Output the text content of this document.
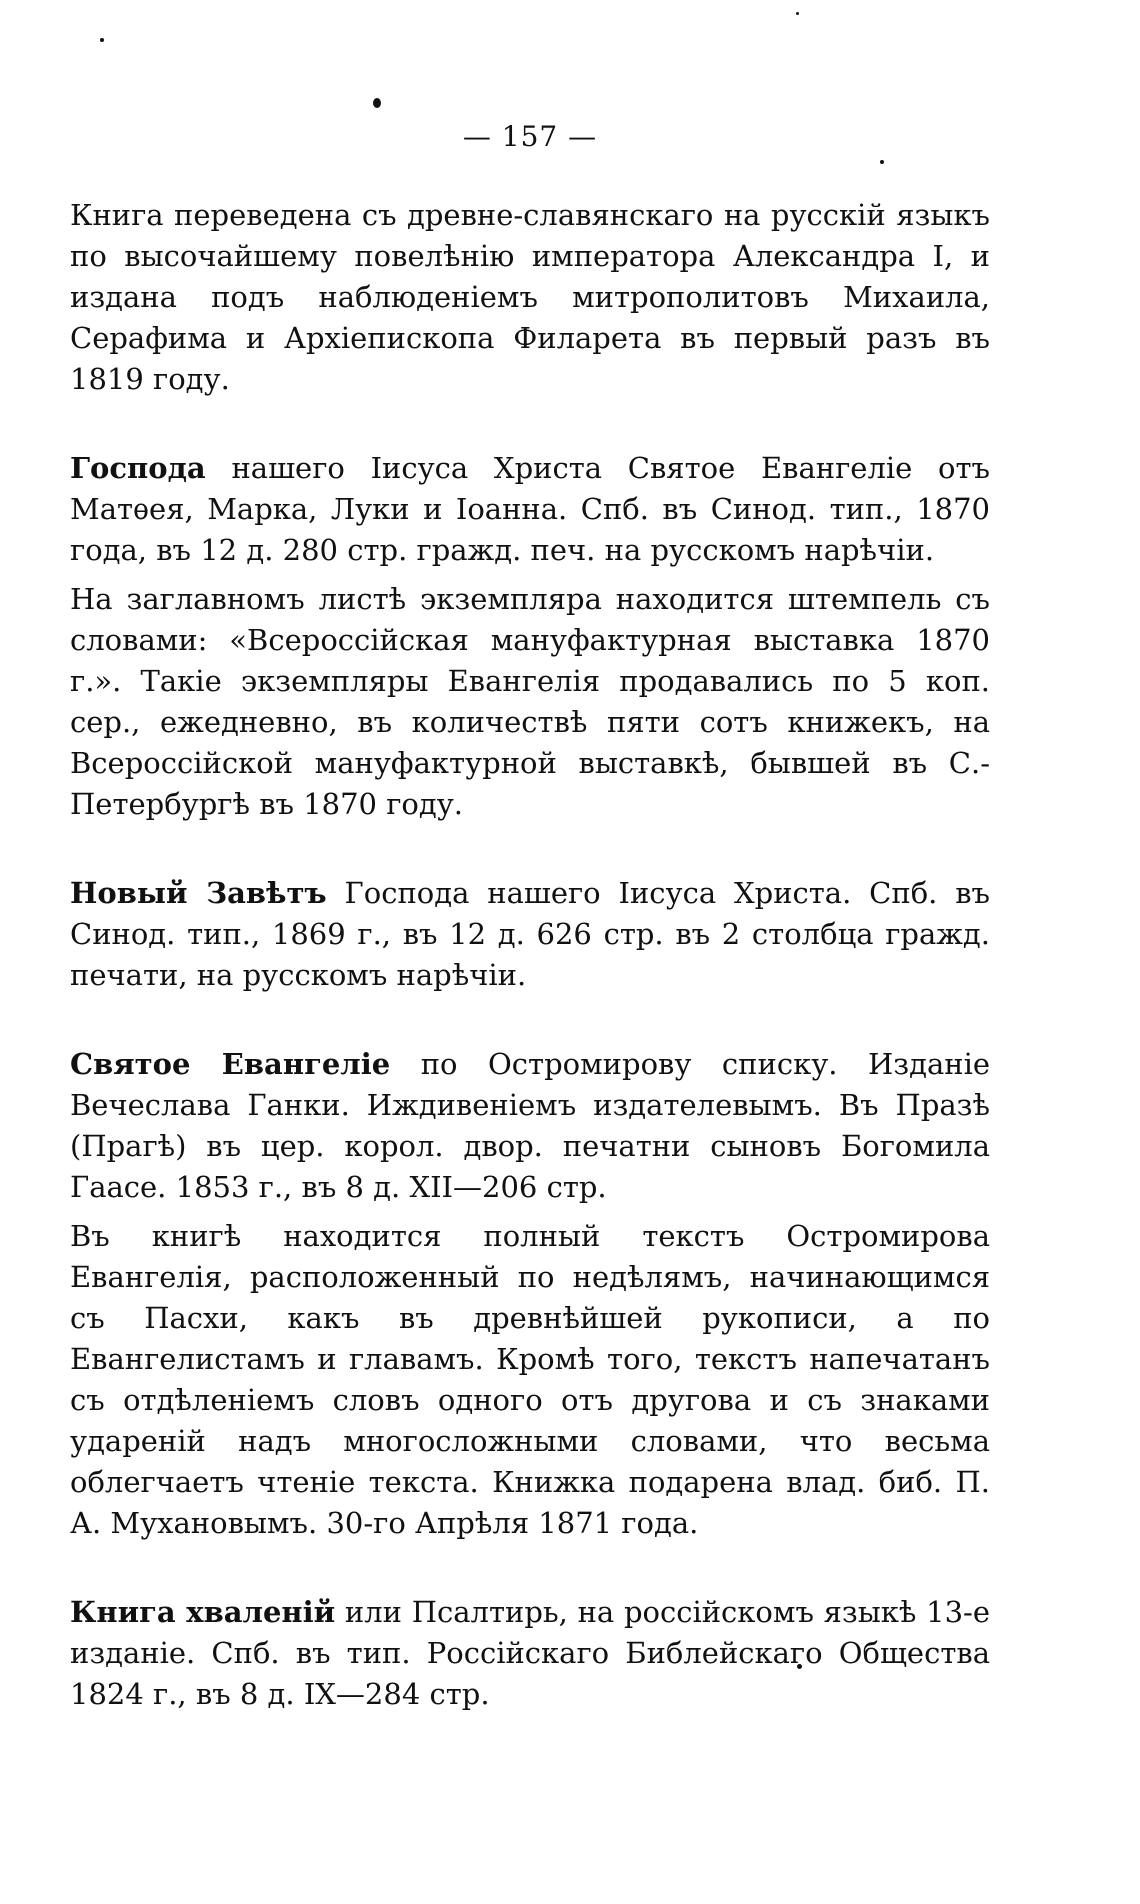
— 157 —

Книга переведена съ древне-славянскаго на русскій языкъ по высочайшему повелѣнію императора Александра I, и издана подъ наблюденіемъ митрополитовъ Михаила, Серафима и Архіепископа Филарета въ первый разъ въ 1819 году.

Господа нашего Іисуса Христа Святое Евангеліе отъ Матѳея, Марка, Луки и Іоанна. Спб. въ Синод. тип., 1870 года, въ 12 д. 280 стр. гражд. печ. на русскомъ нарѣчіи.

На заглавномъ листѣ экземпляра находится штемпель съ словами: «Всероссійская мануфактурная выставка 1870 г.». Такіе экземпляры Евангелія продавались по 5 коп. сер., ежедневно, въ количествѣ пяти сотъ книжекъ, на Всероссійской мануфактурной выставкѣ, бывшей въ С.-Петербургѣ въ 1870 году.

Новый Завѣтъ Господа нашего Іисуса Христа. Спб. въ Синод. тип., 1869 г., въ 12 д. 626 стр. въ 2 столбца гражд. печати, на русскомъ нарѣчіи.

Святое Евангеліе по Остромирову списку. Изданіе Вечеслава Ганки. Иждивеніемъ издателевымъ. Въ Празѣ (Прагѣ) въ цер. корол. двор. печатни сыновъ Богомила Гаасе. 1853 г., въ 8 д. XII—206 стр.

Въ книгѣ находится полный текстъ Остромирова Евангелія, расположенный по недѣлямъ, начинающимся съ Пасхи, какъ въ древнѣйшей рукописи, а по Евангелистамъ и главамъ. Кромѣ того, текстъ напечатанъ съ отдѣленіемъ словъ одного отъ другова и съ знаками удареній надъ многосложными словами, что весьма облегчаетъ чтеніе текста. Книжка подарена влад. биб. П. А. Мухановымъ. 30-го Апрѣля 1871 года.

Книга хваленій или Псалтирь, на россійскомъ языкѣ 13-е изданіе. Спб. въ тип. Россійскаго Библейскаго Общества 1824 г., въ 8 д. IX—284 стр.
